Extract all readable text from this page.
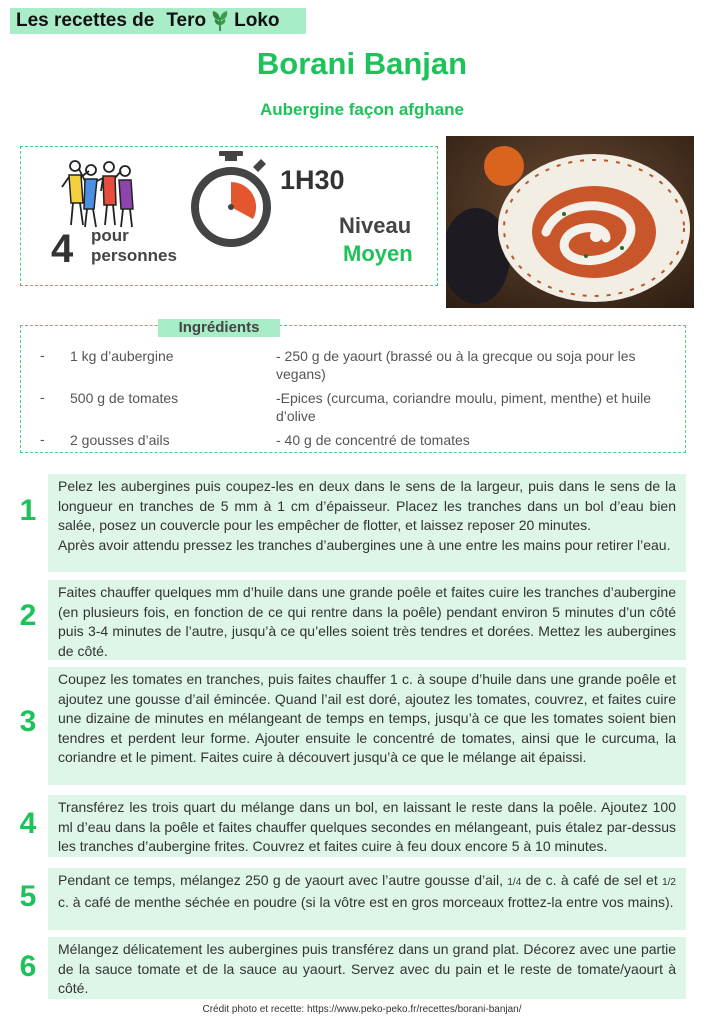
Les recettes de Tero Loko
Borani Banjan
Aubergine façon afghane
4 pour
personnes
1H30
Niveau
Moyen
Ingrédients
- 1 kg d’aubergine
- 500 g de tomates
- 2 gousses d’ails
- 250 g de yaourt (brassé ou à la grecque ou soja pour les vegans)
-Epices (curcuma, coriandre moulu, piment, menthe) et huile d’olive
- 40 g de concentré de tomates
1
Pelez les aubergines puis coupez-les en deux dans le sens de la largeur, puis dans le sens de la longueur en tranches de 5 mm à 1 cm d’épaisseur. Placez les tranches dans un bol d’eau bien salée, posez un couvercle pour les empêcher de flotter, et laissez reposer 20 minutes.
Après avoir attendu pressez les tranches d’aubergines une à une entre les mains pour retirer l’eau.
2
Faites chauffer quelques mm d’huile dans une grande poêle et faites cuire les tranches d’aubergine (en plusieurs fois, en fonction de ce qui rentre dans la poêle) pendant environ 5 minutes d’un côté puis 3-4 minutes de l’autre, jusqu’à ce qu’elles soient très tendres et dorées. Mettez les aubergines de côté.
3
Coupez les tomates en tranches, puis faites chauffer 1 c. à soupe d’huile dans une grande poêle et ajoutez une gousse d’ail émincée. Quand l’ail est doré, ajoutez les tomates, couvrez, et faites cuire une dizaine de minutes en mélangeant de temps en temps, jusqu’à ce que les tomates soient bien tendres et perdent leur forme. Ajouter ensuite le concentré de tomates, ainsi que le curcuma, la coriandre et le piment. Faites cuire à découvert jusqu’à ce que le mélange ait épaissi.
4	Transférez les trois quart du mélange dans un bol, en laissant le reste dans la poêle. Ajoutez 100 ml d’eau dans la poêle et faites chauffer quelques secondes en mélangeant, puis étalez par-dessus les tranches d’aubergine frites. Couvrez et faites cuire à feu doux encore 5 à 10 minutes.
5	Pendant ce temps, mélangez 250 g de yaourt avec l’autre gousse d’ail, 1/4 de c. à café de sel et 1/2 c. à café de menthe séchée en poudre (si la vôtre est en gros morceaux frottez-la entre vos mains).
6
Mélangez délicatement les aubergines puis transférez dans un grand plat. Décorez avec une partie de la sauce tomate et de la sauce au yaourt. Servez avec du pain et le reste de tomate/yaourt à côté.
Crédit photo et recette: https://www.peko-peko.fr/recettes/borani-banjan/
